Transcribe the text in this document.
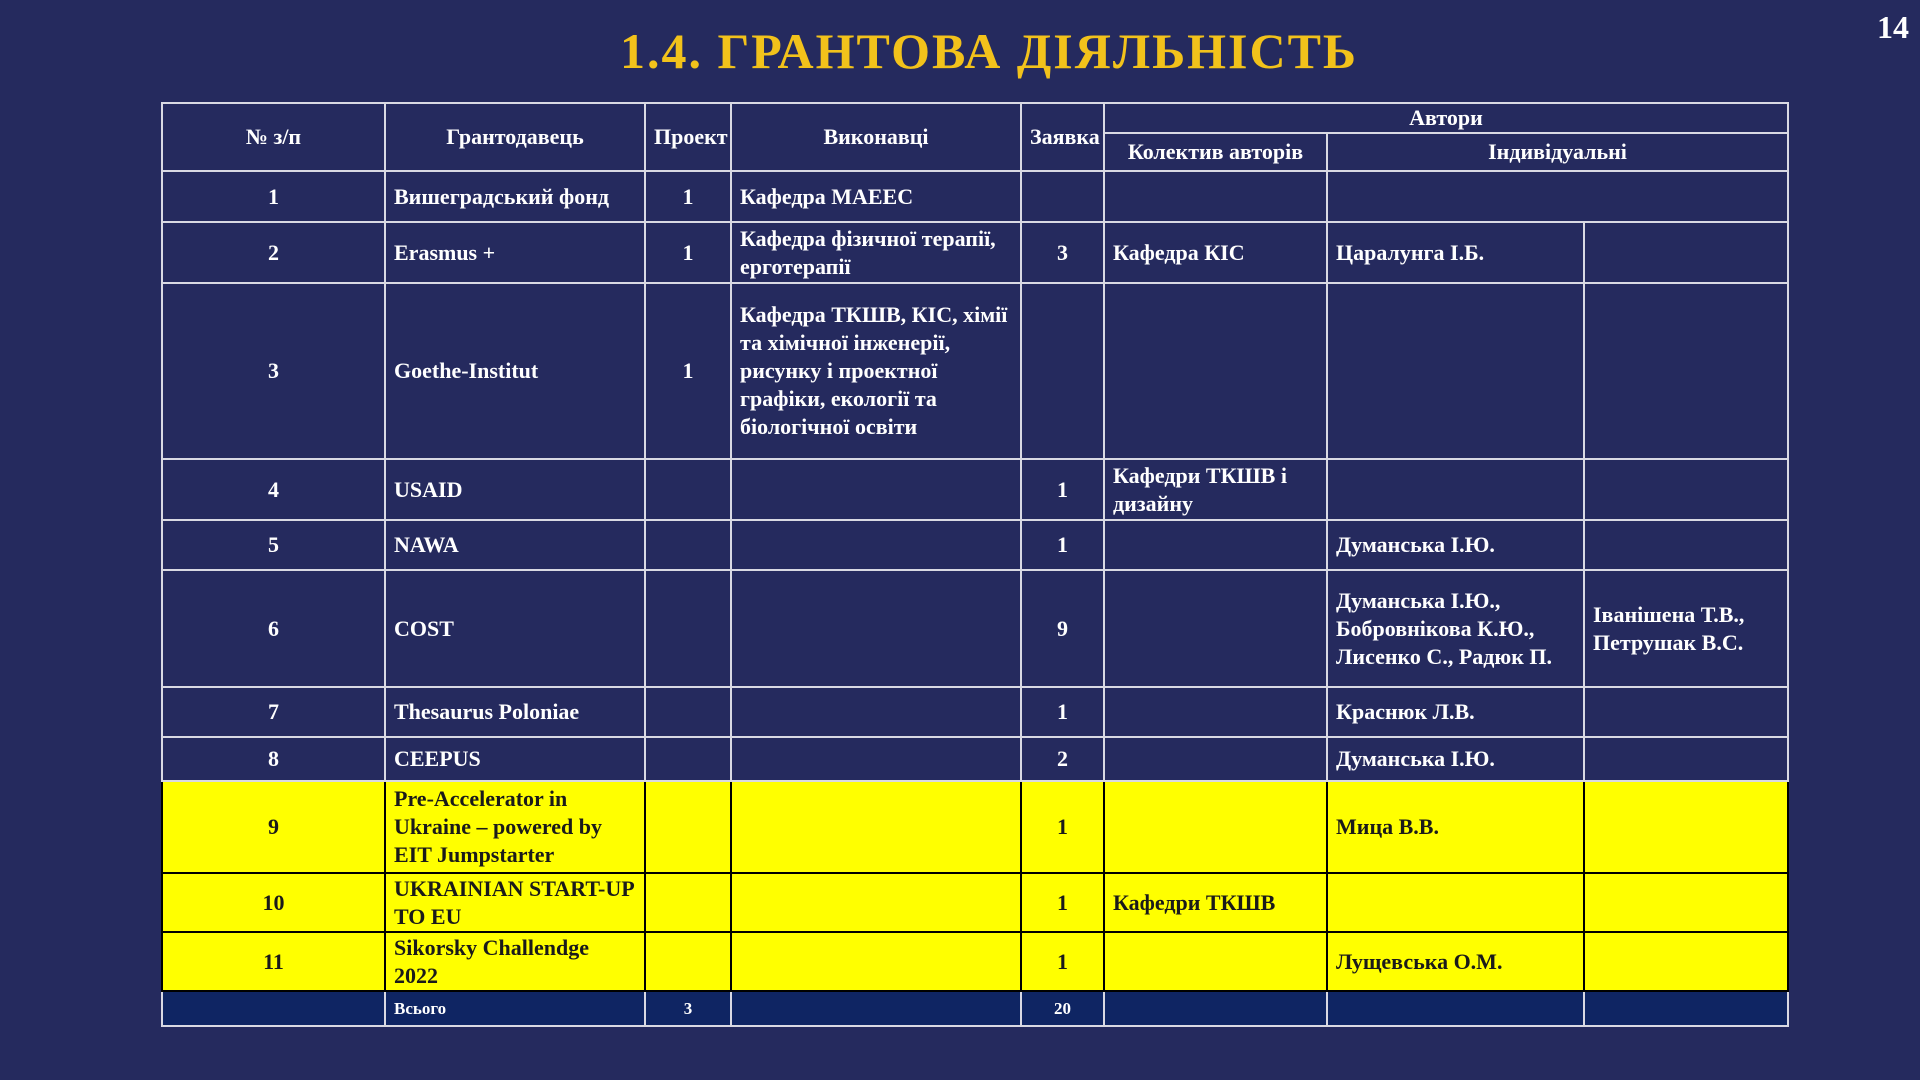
14
1.4. ГРАНТОВА ДІЯЛЬНІСТЬ
№ з/п	Грантодавець	Проект	Виконавці	Заявка	Автори		
					Колектив авторів	Індивідуальні	
1	Вишеградський фонд	1	Кафедра МАЕЕС				
2	Erasmus +	1	Кафедра фізичної терапії, ерготерапії	3	Кафедра КІС	Царалунга І.Б.	
3	Goethe-Institut	1	Кафедра ТКШВ, КІС, хімії та хімічної інженерії, рисунку і проектної графіки, екології та біологічної освіти				
4	USAID			1	Кафедри ТКШВ і дизайну		
5	NAWA			1		Думанська І.Ю.	
6	COST			9		Думанська І.Ю., Бобровнікова К.Ю., Лисенко С., Радюк П.	Іванішена Т.В., Петрушак В.С.
7	Thesaurus Poloniae			1		Краснюк Л.В.	
8	CEEPUS			2		Думанська І.Ю.	
9	Pre-Accelerator in Ukraine – powered by EIT Jumpstarter			1		Мица В.В.	
10	UKRAINIAN START-UP TO EU			1	Кафедри ТКШВ		
11	Sikorsky Challendge 2022			1		Лущевська О.М.	
	Всього	3		20			
